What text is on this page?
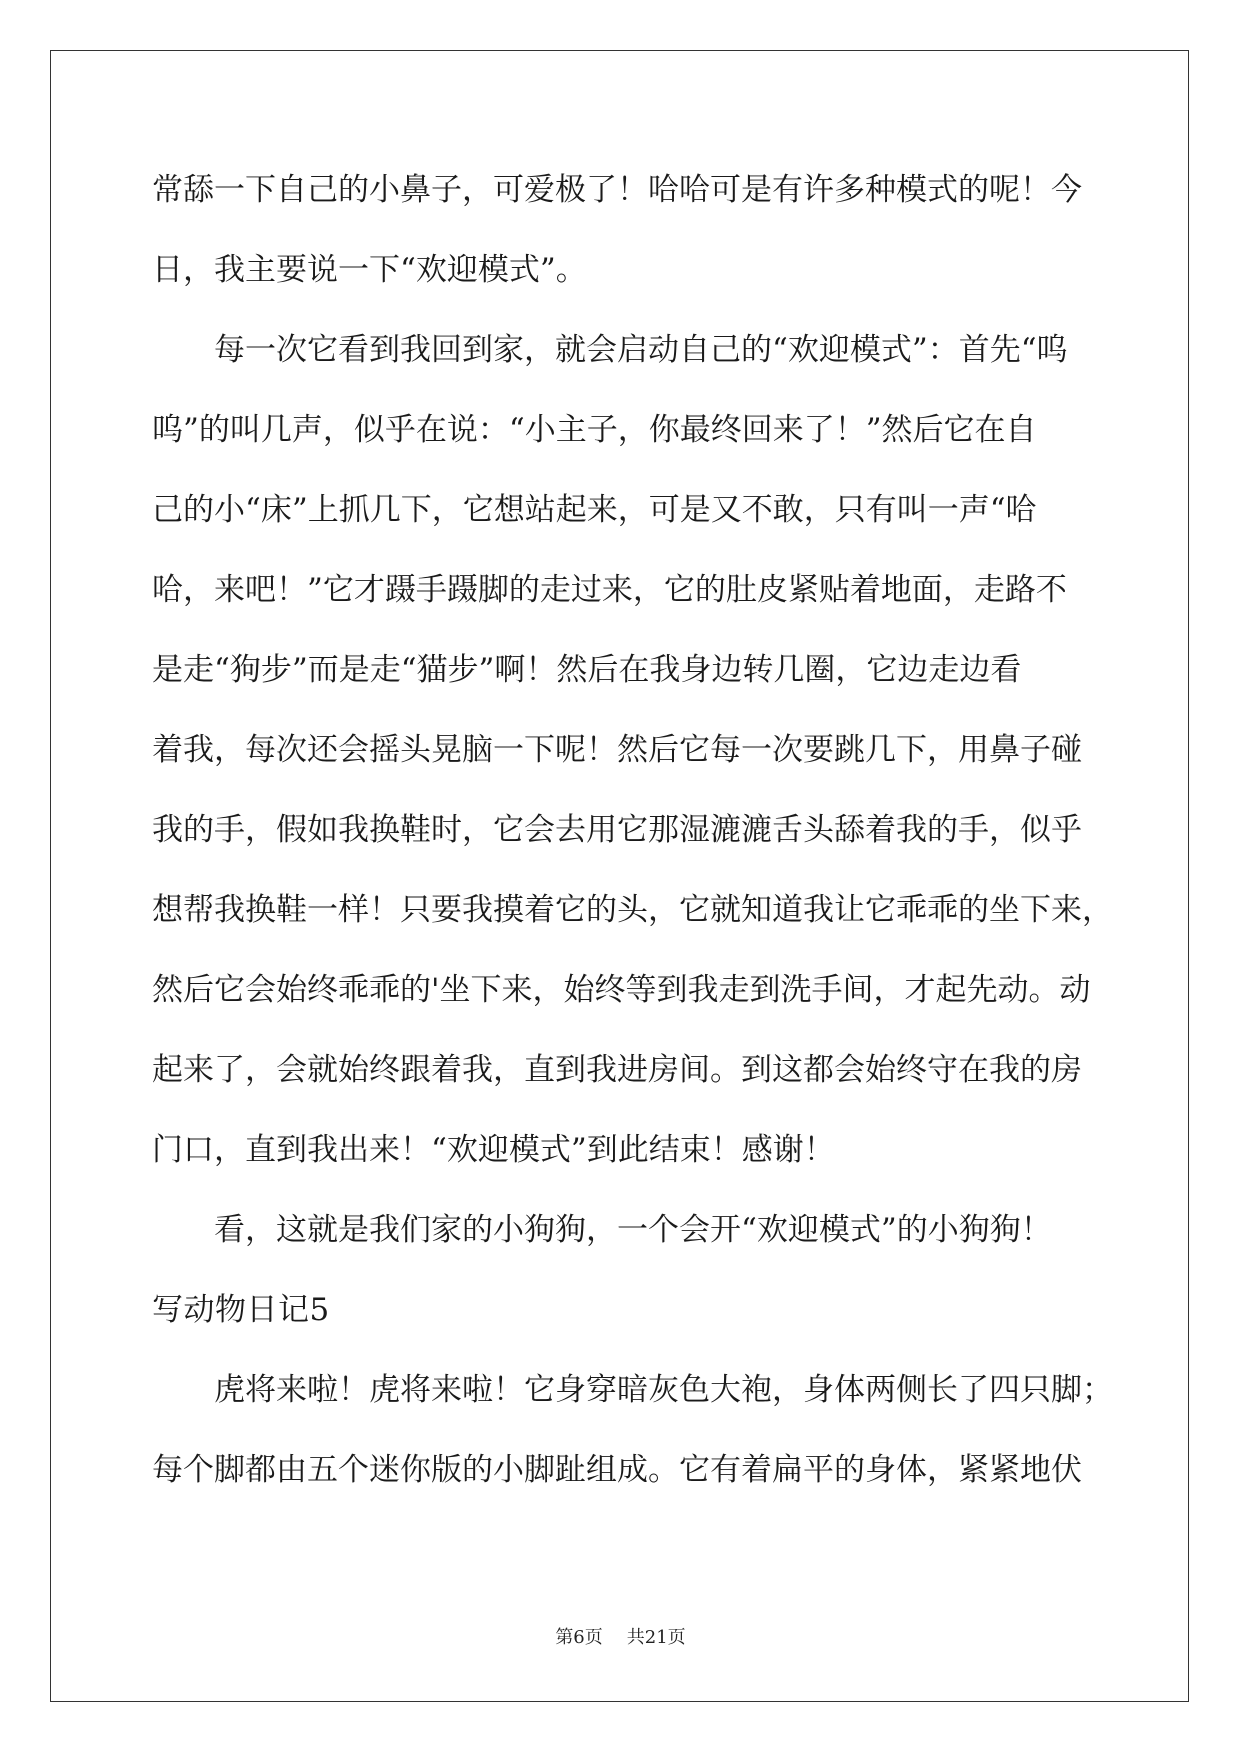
常舔一下自己的小鼻子，可爱极了！哈哈可是有许多种模式的呢！今
日，我主要说一下“欢迎模式”。
每一次它看到我回到家，就会启动自己的“欢迎模式”：首先“呜
呜”的叫几声，似乎在说：“小主子，你最终回来了！”然后它在自
己的小“床”上抓几下，它想站起来，可是又不敢，只有叫一声“哈
哈，来吧！”它才蹑手蹑脚的走过来，它的肚皮紧贴着地面，走路不
是走“狗步”而是走“猫步”啊！然后在我身边转几圈，它边走边看
着我，每次还会摇头晃脑一下呢！然后它每一次要跳几下，用鼻子碰
我的手，假如我换鞋时，它会去用它那湿漉漉舌头舔着我的手，似乎
想帮我换鞋一样！只要我摸着它的头，它就知道我让它乖乖的坐下来，
然后它会始终乖乖的'坐下来，始终等到我走到洗手间，才起先动。动
起来了，会就始终跟着我，直到我进房间。到这都会始终守在我的房
门口，直到我出来！“欢迎模式”到此结束！感谢！
看，这就是我们家的小狗狗，一个会开“欢迎模式”的小狗狗！
写动物日记5
虎将来啦！虎将来啦！它身穿暗灰色大袍，身体两侧长了四只脚；
每个脚都由五个迷你版的小脚趾组成。它有着扁平的身体，紧紧地伏
第6页 共21页
